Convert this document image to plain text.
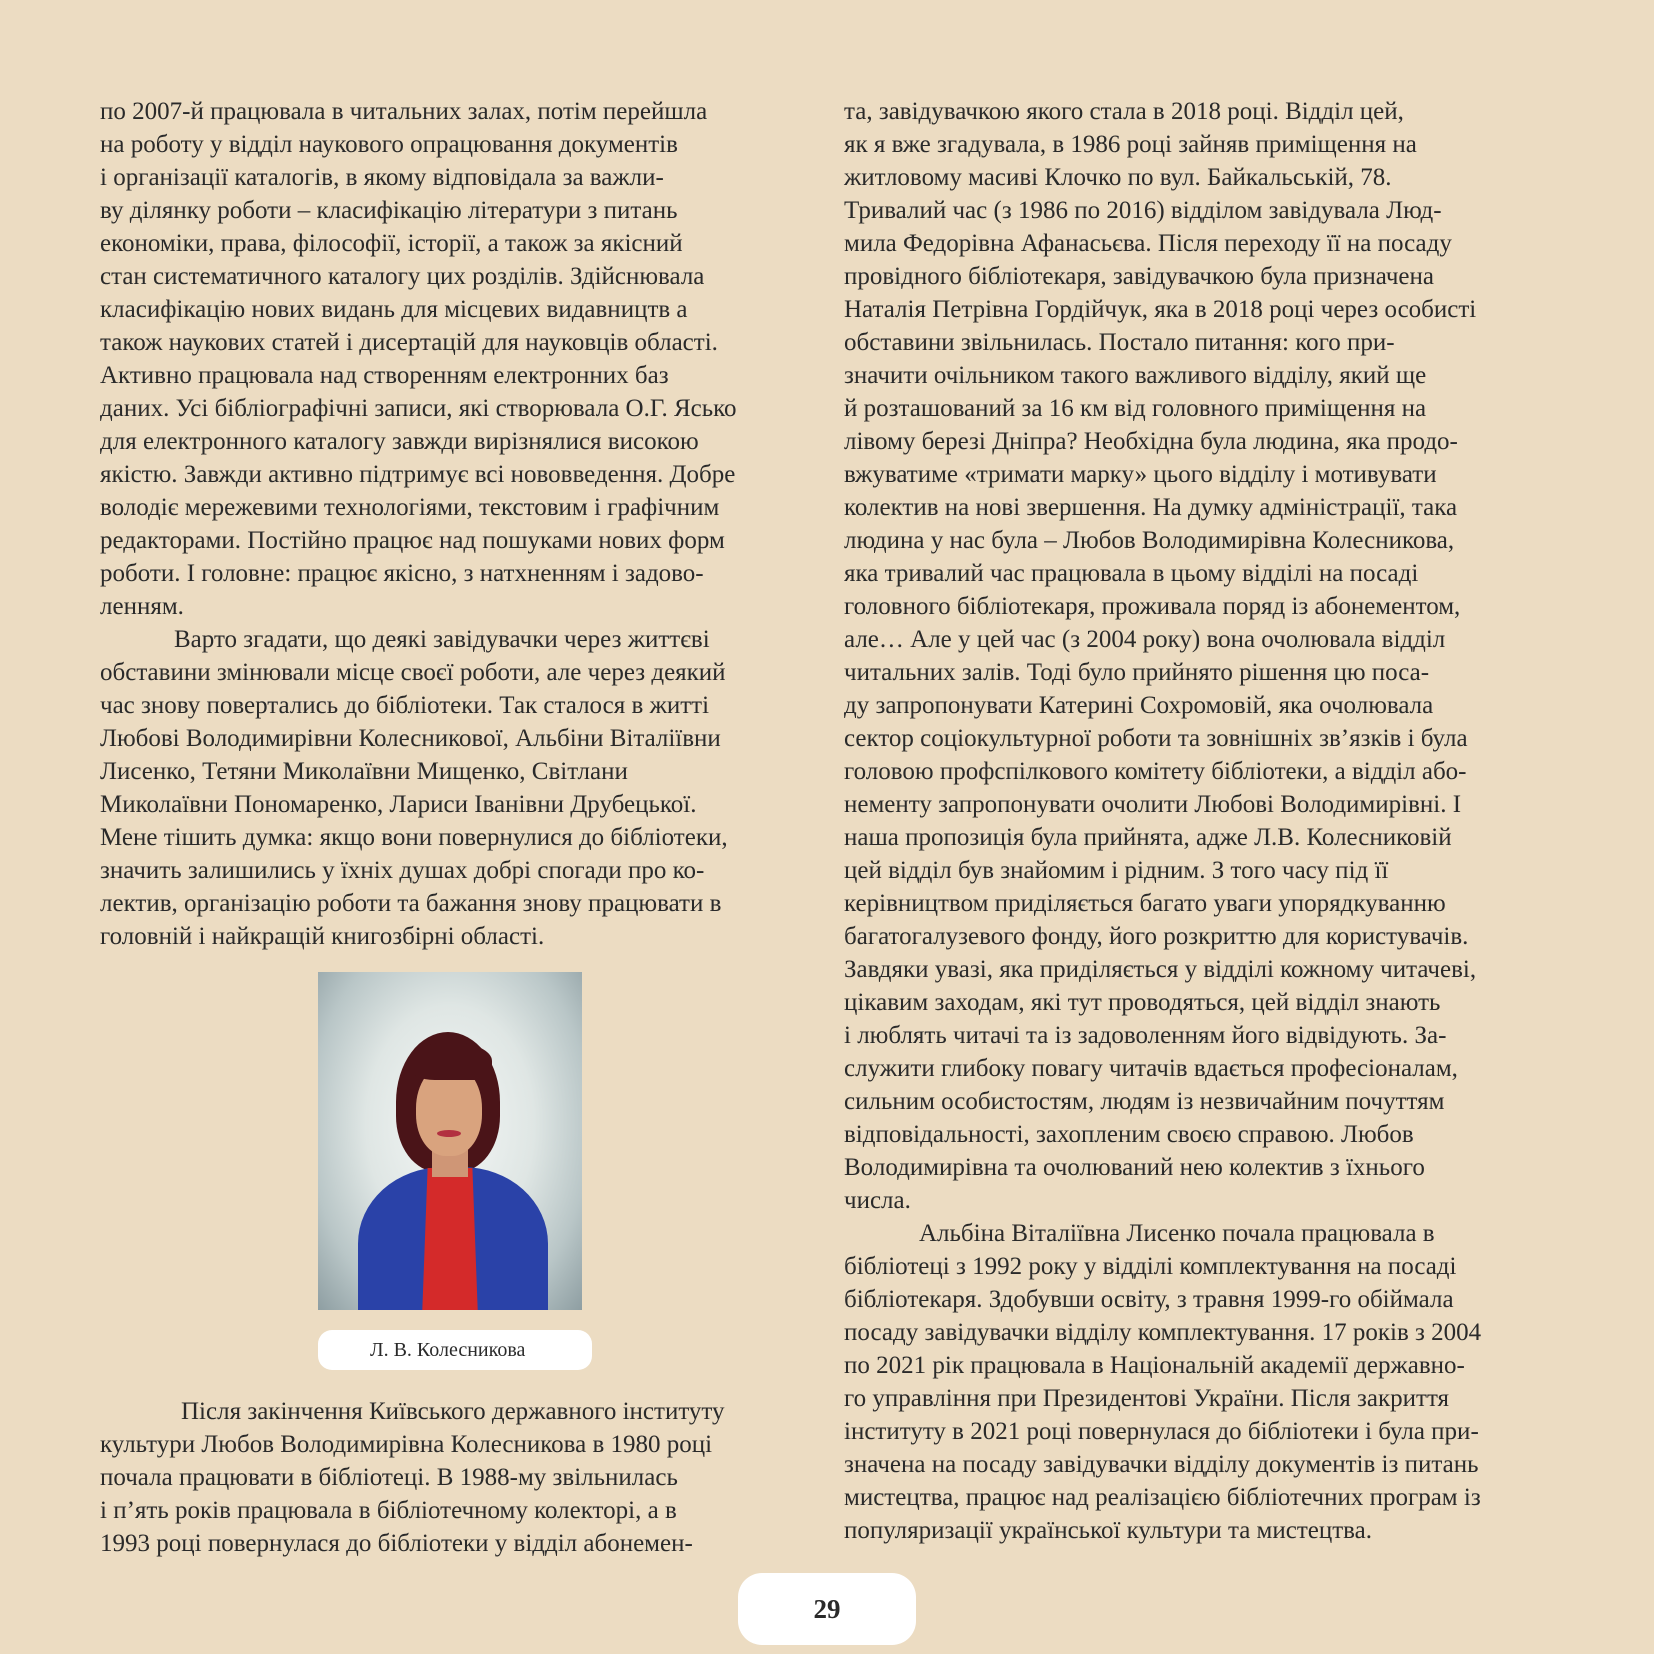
по 2007-й працювала в читальних залах, потім перейшла
на роботу у відділ наукового опрацювання документів
і організації каталогів, в якому відповідала за важли-
ву ділянку роботи – класифікацію літератури з питань
економіки, права, філософії, історії, а також за якісний
стан систематичного каталогу цих розділів. Здійснювала
класифікацію нових видань для місцевих видавництв а
також наукових статей і дисертацій для науковців області.
Активно працювала над створенням електронних баз
даних. Усі бібліографічні записи, які створювала О.Г. Ясько
для електронного каталогу завжди вирізнялися високою
якістю. Завжди активно підтримує всі нововведення. Добре
володіє мережевими технологіями, текстовим і графічним
редакторами. Постійно працює над пошуками нових форм
роботи. І головне: працює якісно, з натхненням і задово-
ленням.
Варто згадати, що деякі завідувачки через життєві
обставини змінювали місце своєї роботи, але через деякий
час знову повертались до бібліотеки. Так сталося в житті
Любові Володимирівни Колесникової, Альбіни Віталіївни
Лисенко, Тетяни Миколаївни Мищенко, Світлани
Миколаївни Пономаренко, Лариси Іванівни Друбецької.
Мене тішить думка: якщо вони повернулися до бібліотеки,
значить залишились у їхніх душах добрі спогади про ко-
лектив, організацію роботи та бажання знову працювати в
головній і найкращій книгозбірні області.
Після закінчення Київського державного інституту
культури Любов Володимирівна Колесникова в 1980 році
почала працювати в бібліотеці. В 1988-му звільнилась
і п’ять років працювала в бібліотечному колекторі, а в
1993 році повернулася до бібліотеки у відділ абонемен-
Л. В. Колесникова
та, завідувачкою якого стала в 2018 році. Відділ цей,
як я вже згадувала, в 1986 році зайняв приміщення на
житловому масиві Клочко по вул. Байкальській, 78.
Тривалий час (з 1986 по 2016) відділом завідувала Люд-
мила Федорівна Афанасьєва. Після переходу її на посаду
провідного бібліотекаря, завідувачкою була призначена
Наталія Петрівна Гордійчук, яка в 2018 році через особисті
обставини звільнилась. Постало питання: кого при-
значити очільником такого важливого відділу, який ще
й розташований за 16 км від головного приміщення на
лівому березі Дніпра? Необхідна була людина, яка продо-
вжуватиме «тримати марку» цього відділу і мотивувати
колектив на нові звершення. На думку адміністрації, така
людина у нас була – Любов Володимирівна Колесникова,
яка тривалий час працювала в цьому відділі на посаді
головного бібліотекаря, проживала поряд із абонементом,
але… Але у цей час (з 2004 року) вона очолювала відділ
читальних залів. Тоді було прийнято рішення цю поса-
ду запропонувати Катерині Сохромовій, яка очолювала
сектор соціокультурної роботи та зовнішніх зв’язків і була
головою профспілкового комітету бібліотеки, а відділ або-
нементу запропонувати очолити Любові Володимирівні. І
наша пропозиція була прийнята, адже Л.В. Колесниковій
цей відділ був знайомим і рідним. З того часу під її
керівництвом приділяється багато уваги упорядкуванню
багатогалузевого фонду, його розкриттю для користувачів.
Завдяки увазі, яка приділяється у відділі кожному читачеві,
цікавим заходам, які тут проводяться, цей відділ знають
і люблять читачі та із задоволенням його відвідують. За-
служити глибоку повагу читачів вдається професіоналам,
сильним особистостям, людям із незвичайним почуттям
відповідальності, захопленим своєю справою. Любов
Володимирівна та очолюваний нею колектив з їхнього
числа.
Альбіна Віталіївна Лисенко почала працювала в
бібліотеці з 1992 року у відділі комплектування на посаді
бібліотекаря. Здобувши освіту, з травня 1999-го обіймала
посаду завідувачки відділу комплектування. 17 років з 2004
по 2021 рік працювала в Національній академії державно-
го управління при Президентові України. Після закриття
інституту в 2021 році повернулася до бібліотеки і була при-
значена на посаду завідувачки відділу документів із питань
мистецтва, працює над реалізацією бібліотечних програм із
популяризації української культури та мистецтва.
29
